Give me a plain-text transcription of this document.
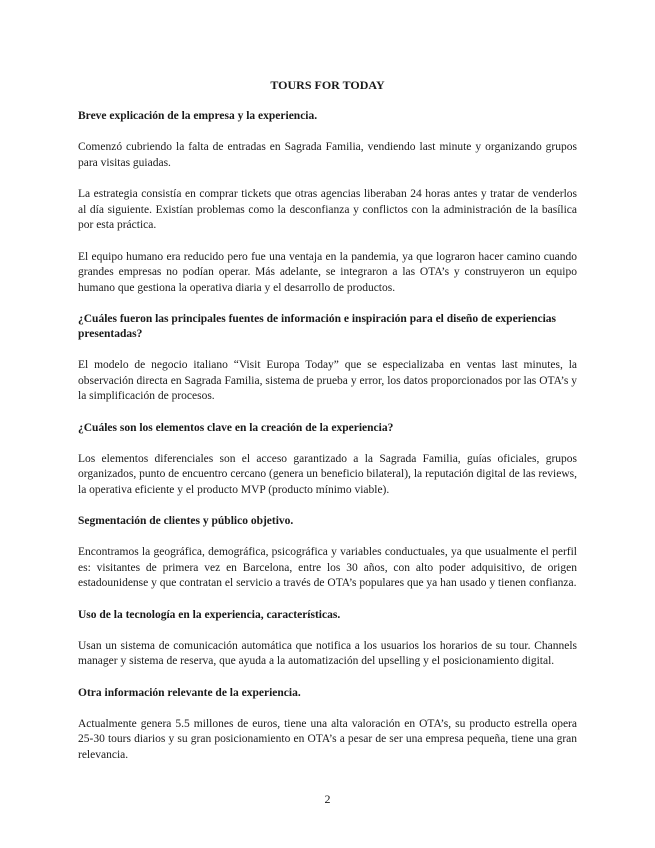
TOURS FOR TODAY
Breve explicación de la empresa y la experiencia.

Comenzó cubriendo la falta de entradas en Sagrada Familia, vendiendo last minute y organizando grupos para visitas guiadas.

La estrategia consistía en comprar tickets que otras agencias liberaban 24 horas antes y tratar de venderlos al día siguiente. Existían problemas como la desconfianza y conflictos con la administración de la basílica por esta práctica.

El equipo humano era reducido pero fue una ventaja en la pandemia, ya que lograron hacer camino cuando grandes empresas no podían operar. Más adelante, se integraron a las OTA’s y construyeron un equipo humano que gestiona la operativa diaria y el desarrollo de productos.

¿Cuáles fueron las principales fuentes de información e inspiración para el diseño de experiencias presentadas?

El modelo de negocio italiano “Visit Europa Today” que se especializaba en ventas last minutes, la observación directa en Sagrada Familia, sistema de prueba y error, los datos proporcionados por las OTA’s y la simplificación de procesos.

¿Cuáles son los elementos clave en la creación de la experiencia?

Los elementos diferenciales son el acceso garantizado a la Sagrada Familia, guías oficiales, grupos organizados, punto de encuentro cercano (genera un beneficio bilateral), la reputación digital de las reviews, la operativa eficiente y el producto MVP (producto mínimo viable).

Segmentación de clientes y público objetivo.

Encontramos la geográfica, demográfica, psicográfica y variables conductuales, ya que usualmente el perfil es: visitantes de primera vez en Barcelona, entre los 30 años, con alto poder adquisitivo, de origen estadounidense y que contratan el servicio a través de OTA’s populares que ya han usado y tienen confianza.

Uso de la tecnología en la experiencia, características.

Usan un sistema de comunicación automática que notifica a los usuarios los horarios de su tour. Channels manager y sistema de reserva, que ayuda a la automatización del upselling y el posicionamiento digital.

Otra información relevante de la experiencia.

Actualmente genera 5.5 millones de euros, tiene una alta valoración en OTA’s, su producto estrella opera 25-30 tours diarios y su gran posicionamiento en OTA’s a pesar de ser una empresa pequeña, tiene una gran relevancia.

2
